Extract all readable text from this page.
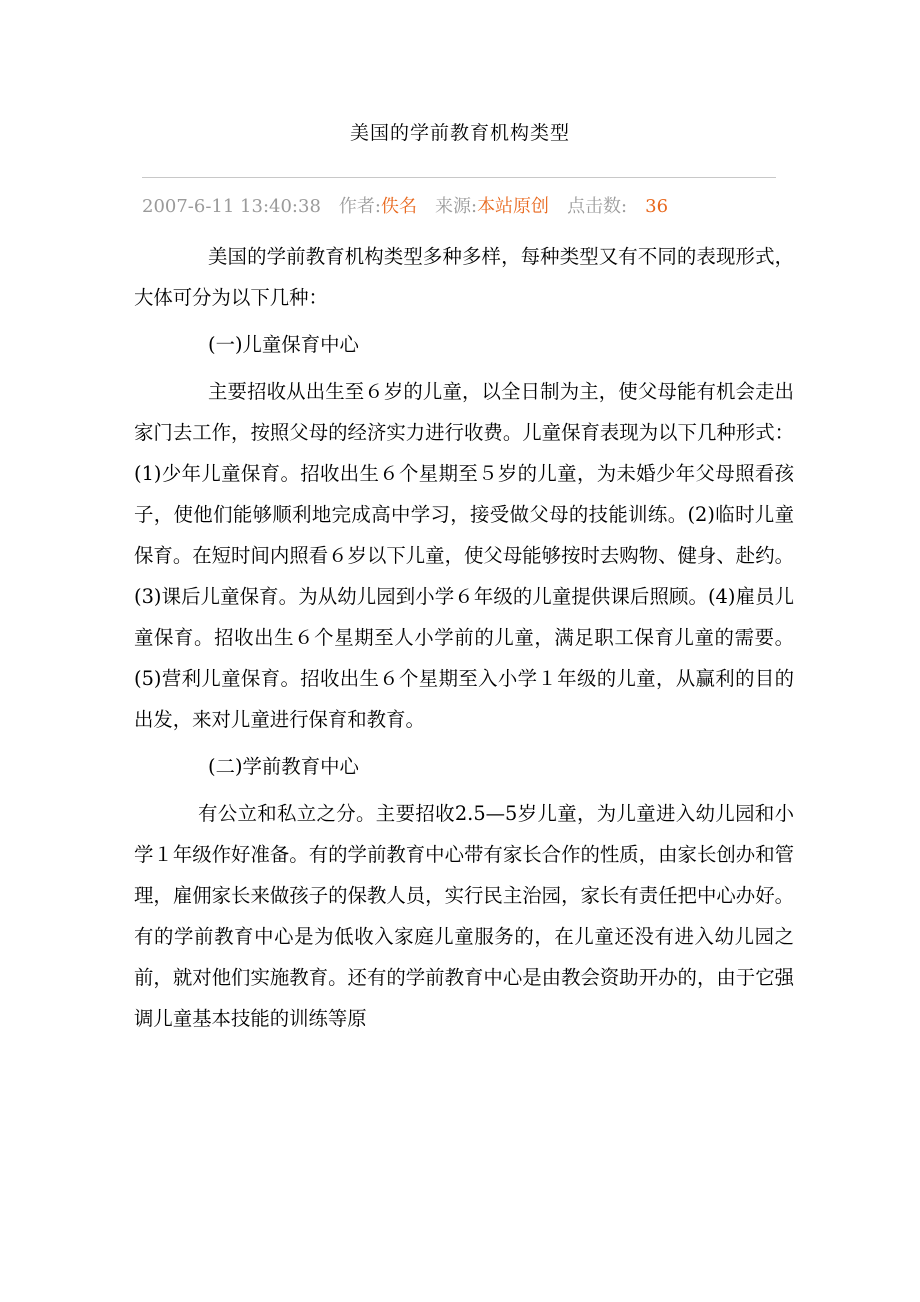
美国的学前教育机构类型
2007-6-11 13:40:38 作者:佚名 来源:本站原创 点击数: 36

美国的学前教育机构类型多种多样，每种类型又有不同的表现形式，大体可分为以下几种：

(一)儿童保育中心

主要招收从出生至６岁的儿童，以全日制为主，使父母能有机会走出家门去工作，按照父母的经济实力进行收费。儿童保育表现为以下几种形式：(1)少年儿童保育。招收出生６个星期至５岁的儿童，为未婚少年父母照看孩子，使他们能够顺利地完成高中学习，接受做父母的技能训练。(2)临时儿童保育。在短时间内照看６岁以下儿童，使父母能够按时去购物、健身、赴约。(3)课后儿童保育。为从幼儿园到小学６年级的儿童提供课后照顾。(4)雇员儿童保育。招收出生６个星期至人小学前的儿童，满足职工保育儿童的需要。(5)营利儿童保育。招收出生６个星期至入小学１年级的儿童，从赢利的目的出发，来对儿童进行保育和教育。

(二)学前教育中心

有公立和私立之分。主要招收2.5—5岁儿童，为儿童进入幼儿园和小学１年级作好准备。有的学前教育中心带有家长合作的性质，由家长创办和管理，雇佣家长来做孩子的保教人员，实行民主治园，家长有责任把中心办好。有的学前教育中心是为低收入家庭儿童服务的，在儿童还没有进入幼儿园之前，就对他们实施教育。还有的学前教育中心是由教会资助开办的，由于它强调儿童基本技能的训练等原
